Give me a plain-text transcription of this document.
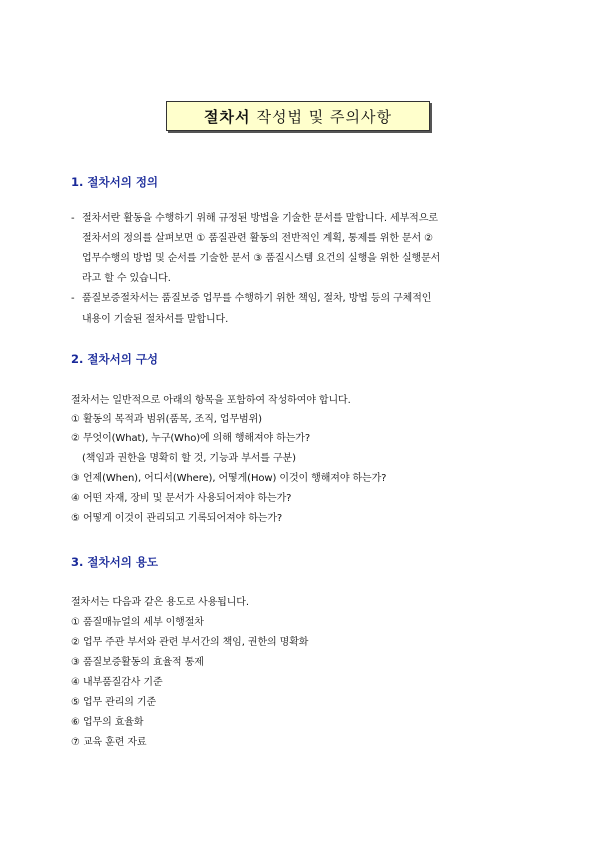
절차서 작성법 및 주의사항
1. 절차서의 정의
- 절차서란 활동을 수행하기 위해 규정된 방법을 기술한 문서를 말합니다. 세부적으로
절차서의 정의를 살펴보면 ① 품질관련 활동의 전반적인 계획, 통제를 위한 문서 ②
업무수행의 방법 및 순서를 기술한 문서 ③ 품질시스템 요건의 실행을 위한 실행문서
라고 할 수 있습니다.
- 품질보증절차서는 품질보증 업무를 수행하기 위한 책임, 절차, 방법 등의 구체적인
내용이 기술된 절차서를 말합니다.
2. 절차서의 구성
절차서는 일반적으로 아래의 항목을 포함하여 작성하여야 합니다.
① 활동의 목적과 범위(품목, 조직, 업무범위)
② 무엇이(What), 누구(Who)에 의해 행해져야 하는가?
(책임과 권한을 명확히 할 것, 기능과 부서를 구분)
③ 언제(When), 어디서(Where), 어떻게(How) 이것이 행해져야 하는가?
④ 어떤 자재, 장비 및 문서가 사용되어져야 하는가?
⑤ 어떻게 이것이 관리되고 기록되어져야 하는가?
3. 절차서의 용도
절차서는 다음과 같은 용도로 사용됩니다.
① 품질매뉴얼의 세부 이행절차
② 업무 주관 부서와 관련 부서간의 책임, 권한의 명확화
③ 품질보증활동의 효율적 통제
④ 내부품질감사 기준
⑤ 업무 관리의 기준
⑥ 업무의 효율화
⑦ 교육 훈련 자료
